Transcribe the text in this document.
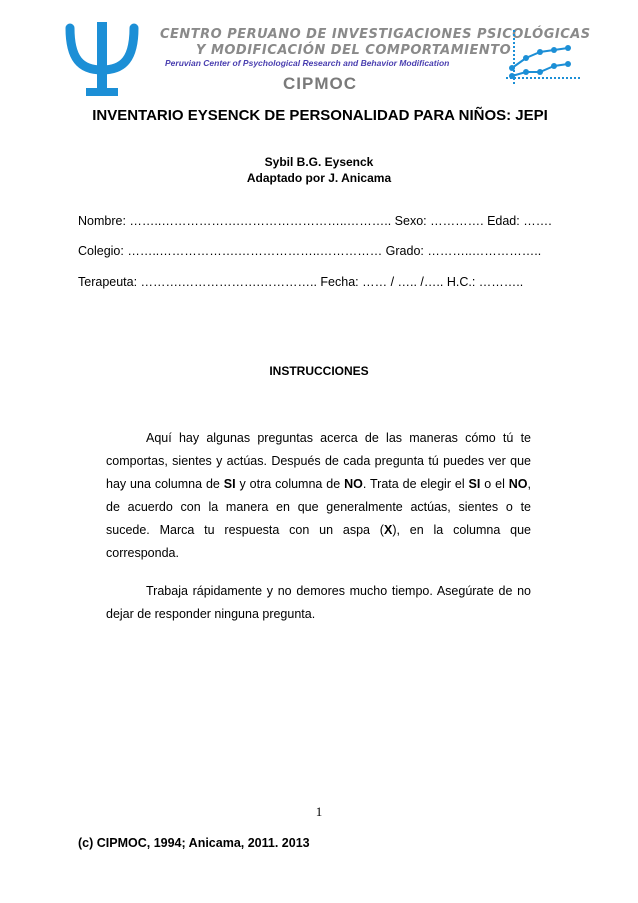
CENTRO PERUANO DE INVESTIGACIONES PSICOLÓGICAS
Y MODIFICACIÓN DEL COMPORTAMIENTO
Peruvian Center of Psychological Research and Behavior Modification
CIPMOC
INVENTARIO EYSENCK DE PERSONALIDAD PARA NIÑOS: JEPI
Sybil B.G. Eysenck
Adaptado por J. Anicama
Nombre: ……..……………….……………………..……….. Sexo: …………. Edad: …….
Colegio: ……..……………….………………..…………… Grado: ………..……………..
Terapeuta: ……….……………….………….. Fecha: …… / ….. /….. H.C.: ………..
INSTRUCCIONES

Aquí hay algunas preguntas acerca de las maneras cómo tú te comportas, sientes y actúas. Después de cada pregunta tú puedes ver que hay una columna de SI y otra columna de NO. Trata de elegir el SI o el NO, de acuerdo con la manera en que generalmente actúas, sientes o te sucede. Marca tu respuesta con un aspa (X), en la columna que corresponda.

Trabaja rápidamente y no demores mucho tiempo. Asegúrate de no dejar de responder ninguna pregunta.

1
(c) CIPMOC, 1994; Anicama, 2011. 2013
